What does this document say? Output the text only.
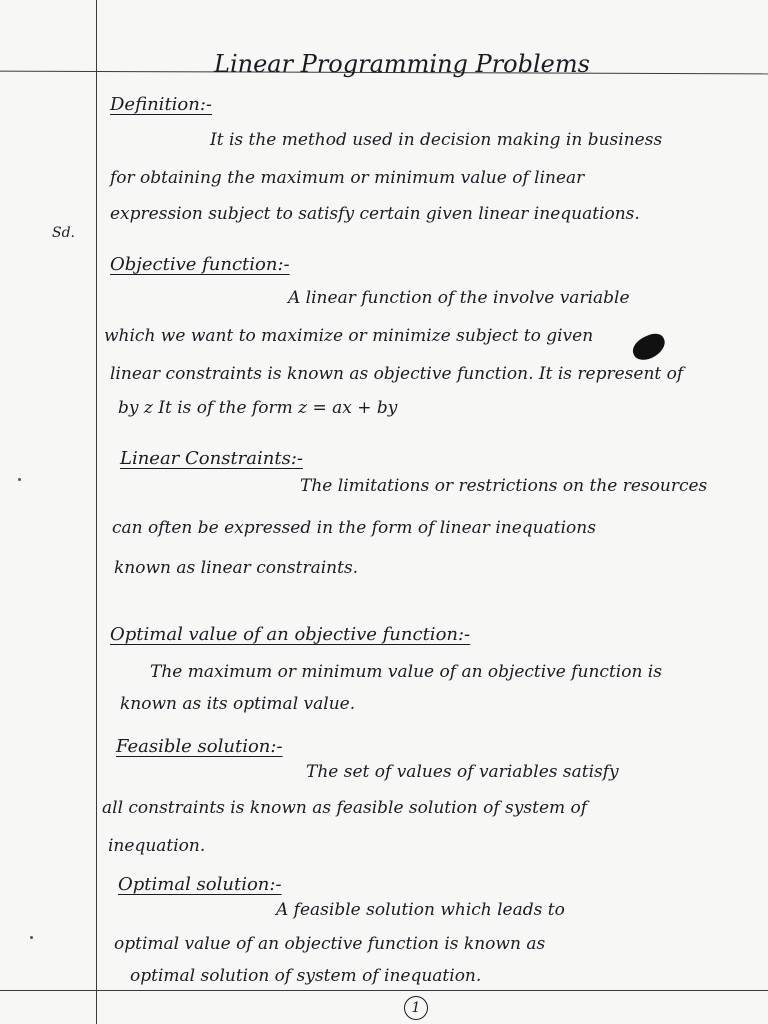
Linear Programming Problems
Sd.
Definition:-
It is the method used in decision making in business
for obtaining the maximum or minimum value of linear
expression subject to satisfy certain given linear inequations.
Objective function:-
A linear function of the involve variable
which we want to maximize or minimize subject to given
linear constraints is known as objective function. It is represent of
by z It is of the form z = ax + by
Linear Constraints:-
The limitations or restrictions on the resources
can often be expressed in the form of linear inequations
known as linear constraints.
Optimal value of an objective function:-
The maximum or minimum value of an objective function is
known as its optimal value.
Feasible solution:-
The set of values of variables satisfy
all constraints is known as feasible solution of system of
inequation.
Optimal solution:-
A feasible solution which leads to
optimal value of an objective function is known as
optimal solution of system of inequation.
1
